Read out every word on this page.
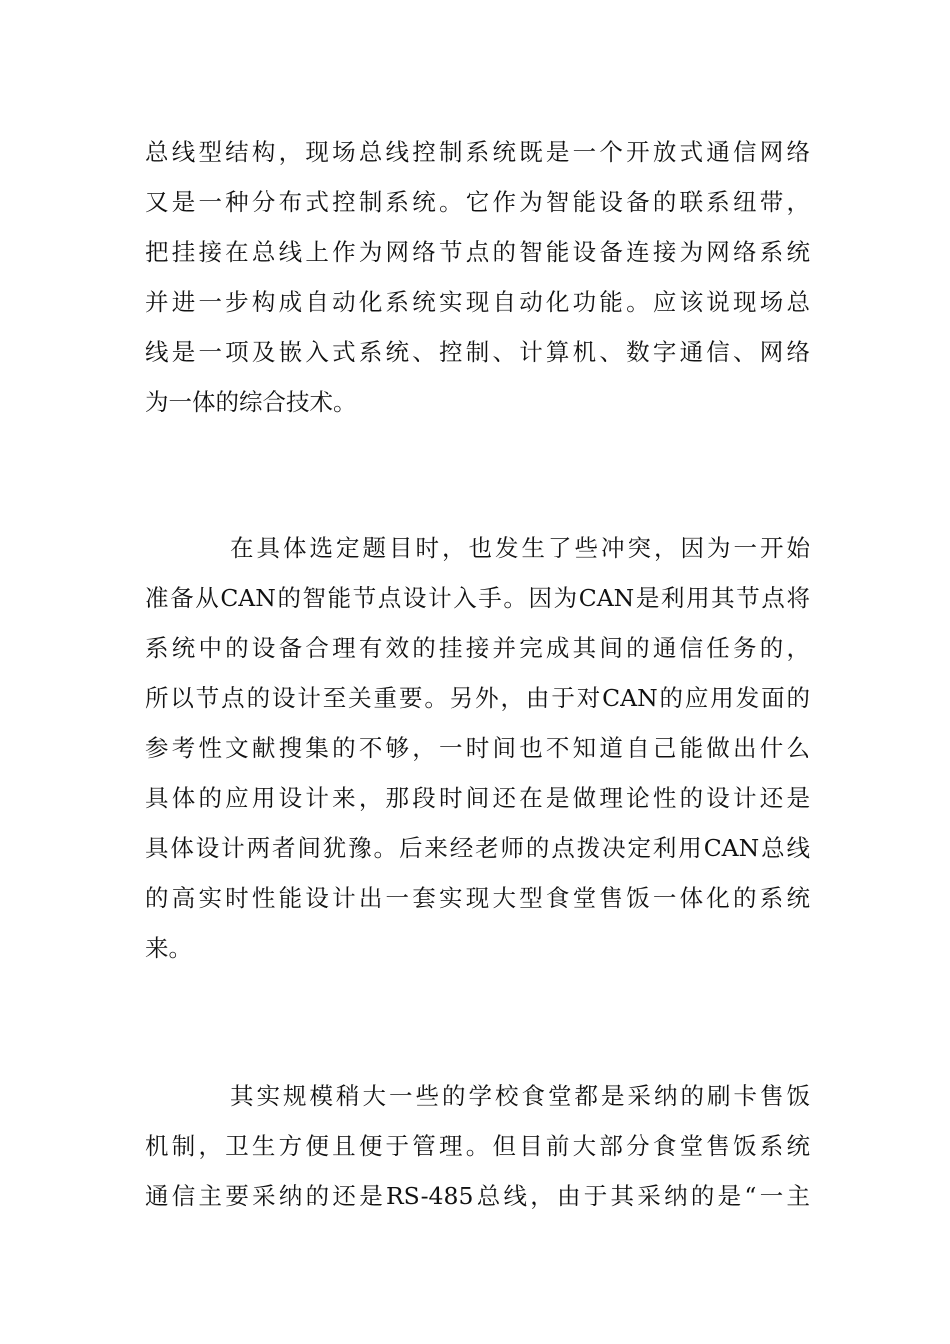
总线型结构，现场总线控制系统既是一个开放式通信网络
又是一种分布式控制系统。它作为智能设备的联系纽带，
把挂接在总线上作为网络节点的智能设备连接为网络系统
并进一步构成自动化系统实现自动化功能。应该说现场总
线是一项及嵌入式系统、控制、计算机、数字通信、网络
为一体的综合技术。
在具体选定题目时，也发生了些冲突，因为一开始
准备从CAN的智能节点设计入手。因为CAN是利用其节点将
系统中的设备合理有效的挂接并完成其间的通信任务的，
所以节点的设计至关重要。另外，由于对CAN的应用发面的
参考性文献搜集的不够，一时间也不知道自己能做出什么
具体的应用设计来，那段时间还在是做理论性的设计还是
具体设计两者间犹豫。后来经老师的点拨决定利用CAN总线
的高实时性能设计出一套实现大型食堂售饭一体化的系统
来。
其实规模稍大一些的学校食堂都是采纳的刷卡售饭
机制，卫生方便且便于管理。但目前大部分食堂售饭系统
通信主要采纳的还是RS-485总线，由于其采纳的是“一主
